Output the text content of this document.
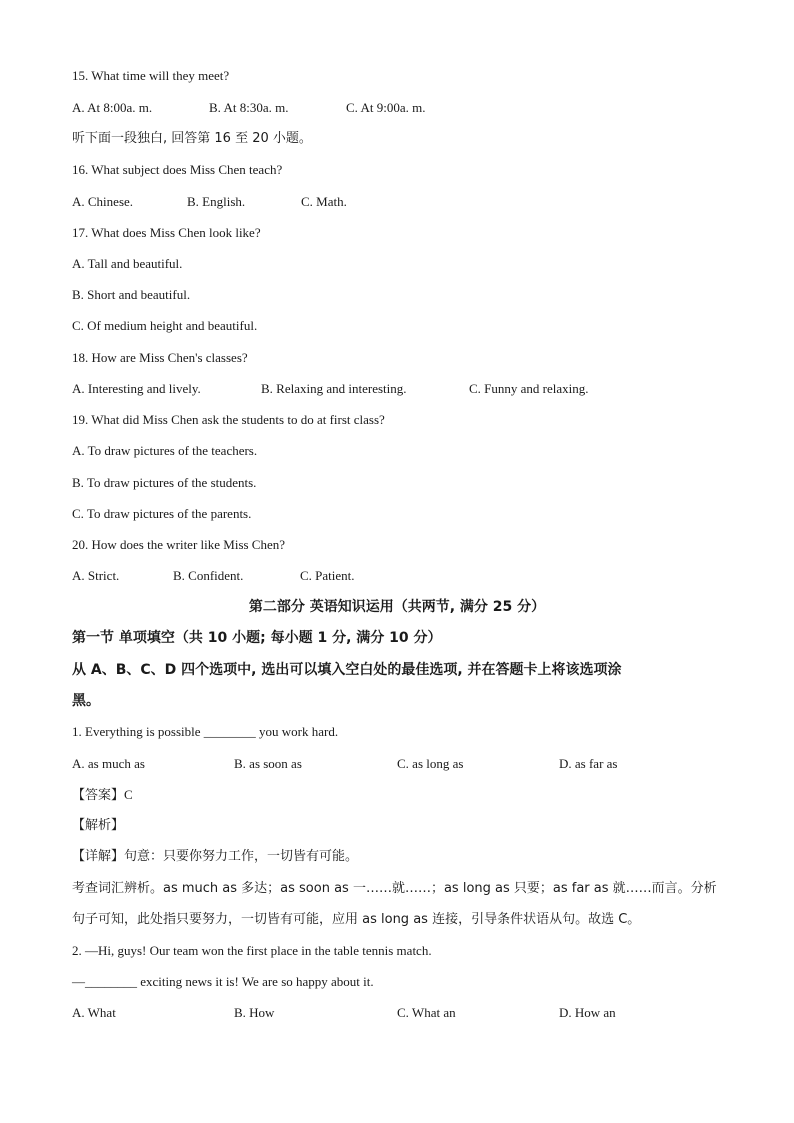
15. What time will they meet?
A. At 8:00a. m.	B. At 8:30a. m.	C. At 9:00a. m.
听下面一段独白, 回答第 16 至 20 小题。
16. What subject does Miss Chen teach?
A. Chinese.	B. English.	C. Math.
17. What does Miss Chen look like?
A. Tall and beautiful.
B. Short and beautiful.
C. Of medium height and beautiful.
18. How are Miss Chen's classes?
A. Interesting and lively.	B. Relaxing and interesting.	C. Funny and relaxing.
19. What did Miss Chen ask the students to do at first class?
A. To draw pictures of the teachers.
B. To draw pictures of the students.
C. To draw pictures of the parents.
20. How does the writer like Miss Chen?
A. Strict.	B. Confident.	C. Patient.
第二部分 英语知识运用（共两节, 满分 25 分）
第一节 单项填空（共 10 小题; 每小题 1 分, 满分 10 分）
从 A、B、C、D 四个选项中, 选出可以填入空白处的最佳选项, 并在答题卡上将该选项涂
黑。
1. Everything is possible ________ you work hard.
A. as much as	B. as soon as	C. as long as	D. as far as
【答案】C
【解析】
【详解】句意：只要你努力工作，一切皆有可能。
考查词汇辨析。as much as 多达；as soon as 一……就……；as long as 只要；as far as 就……而言。分析句子可知，此处指只要努力，一切皆有可能，应用 as long as 连接，引导条件状语从句。故选 C。
2. —Hi, guys! Our team won the first place in the table tennis match.
—________ exciting news it is! We are so happy about it.
A. What	B. How	C. What an	D. How an
